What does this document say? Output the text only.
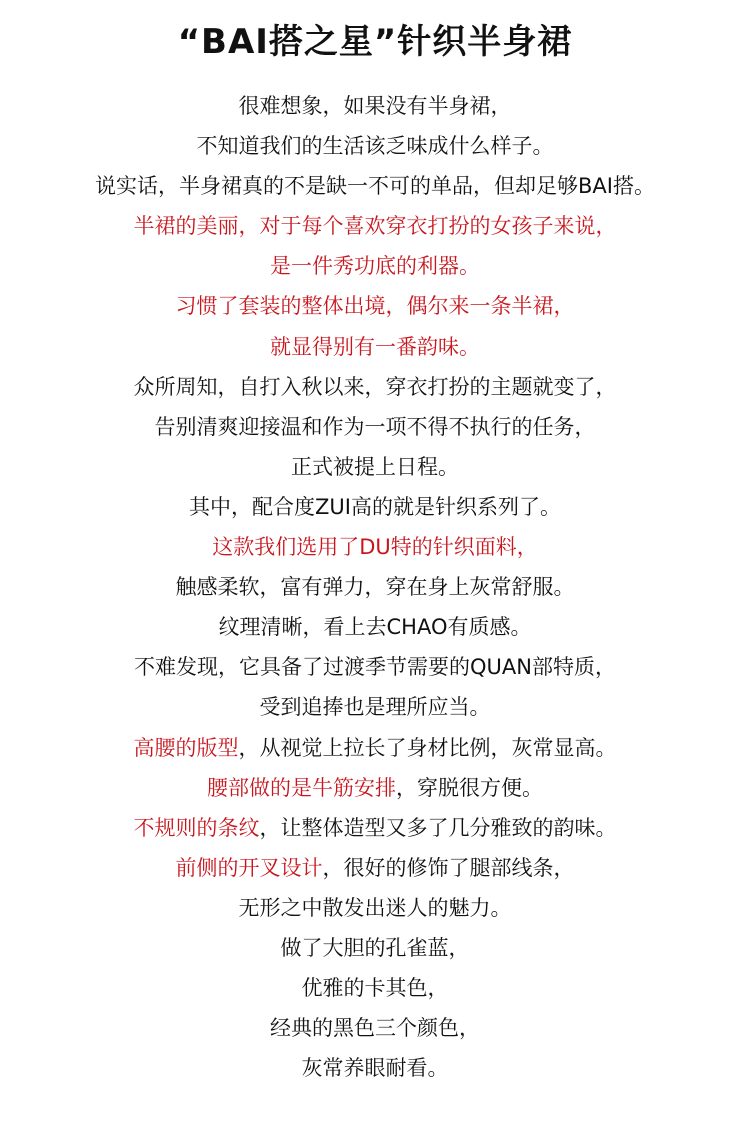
“BAI搭之星”针织半身裙
很难想象，如果没有半身裙，
不知道我们的生活该乏味成什么样子。
说实话，半身裙真的不是缺一不可的单品，但却足够BAI搭。
半裙的美丽，对于每个喜欢穿衣打扮的女孩子来说，
是一件秀功底的利器。
习惯了套装的整体出境，偶尔来一条半裙，
就显得别有一番韵味。
众所周知，自打入秋以来，穿衣打扮的主题就变了，
告别清爽迎接温和作为一项不得不执行的任务，
正式被提上日程。
其中，配合度ZUI高的就是针织系列了。
这款我们选用了DU特的针织面料，
触感柔软，富有弹力，穿在身上灰常舒服。
纹理清晰，看上去CHAO有质感。
不难发现，它具备了过渡季节需要的QUAN部特质，
受到追捧也是理所应当。
高腰的版型，从视觉上拉长了身材比例，灰常显高。
腰部做的是牛筋安排，穿脱很方便。
不规则的条纹，让整体造型又多了几分雅致的韵味。
前侧的开叉设计，很好的修饰了腿部线条，
无形之中散发出迷人的魅力。
做了大胆的孔雀蓝，
优雅的卡其色，
经典的黑色三个颜色，
灰常养眼耐看。
